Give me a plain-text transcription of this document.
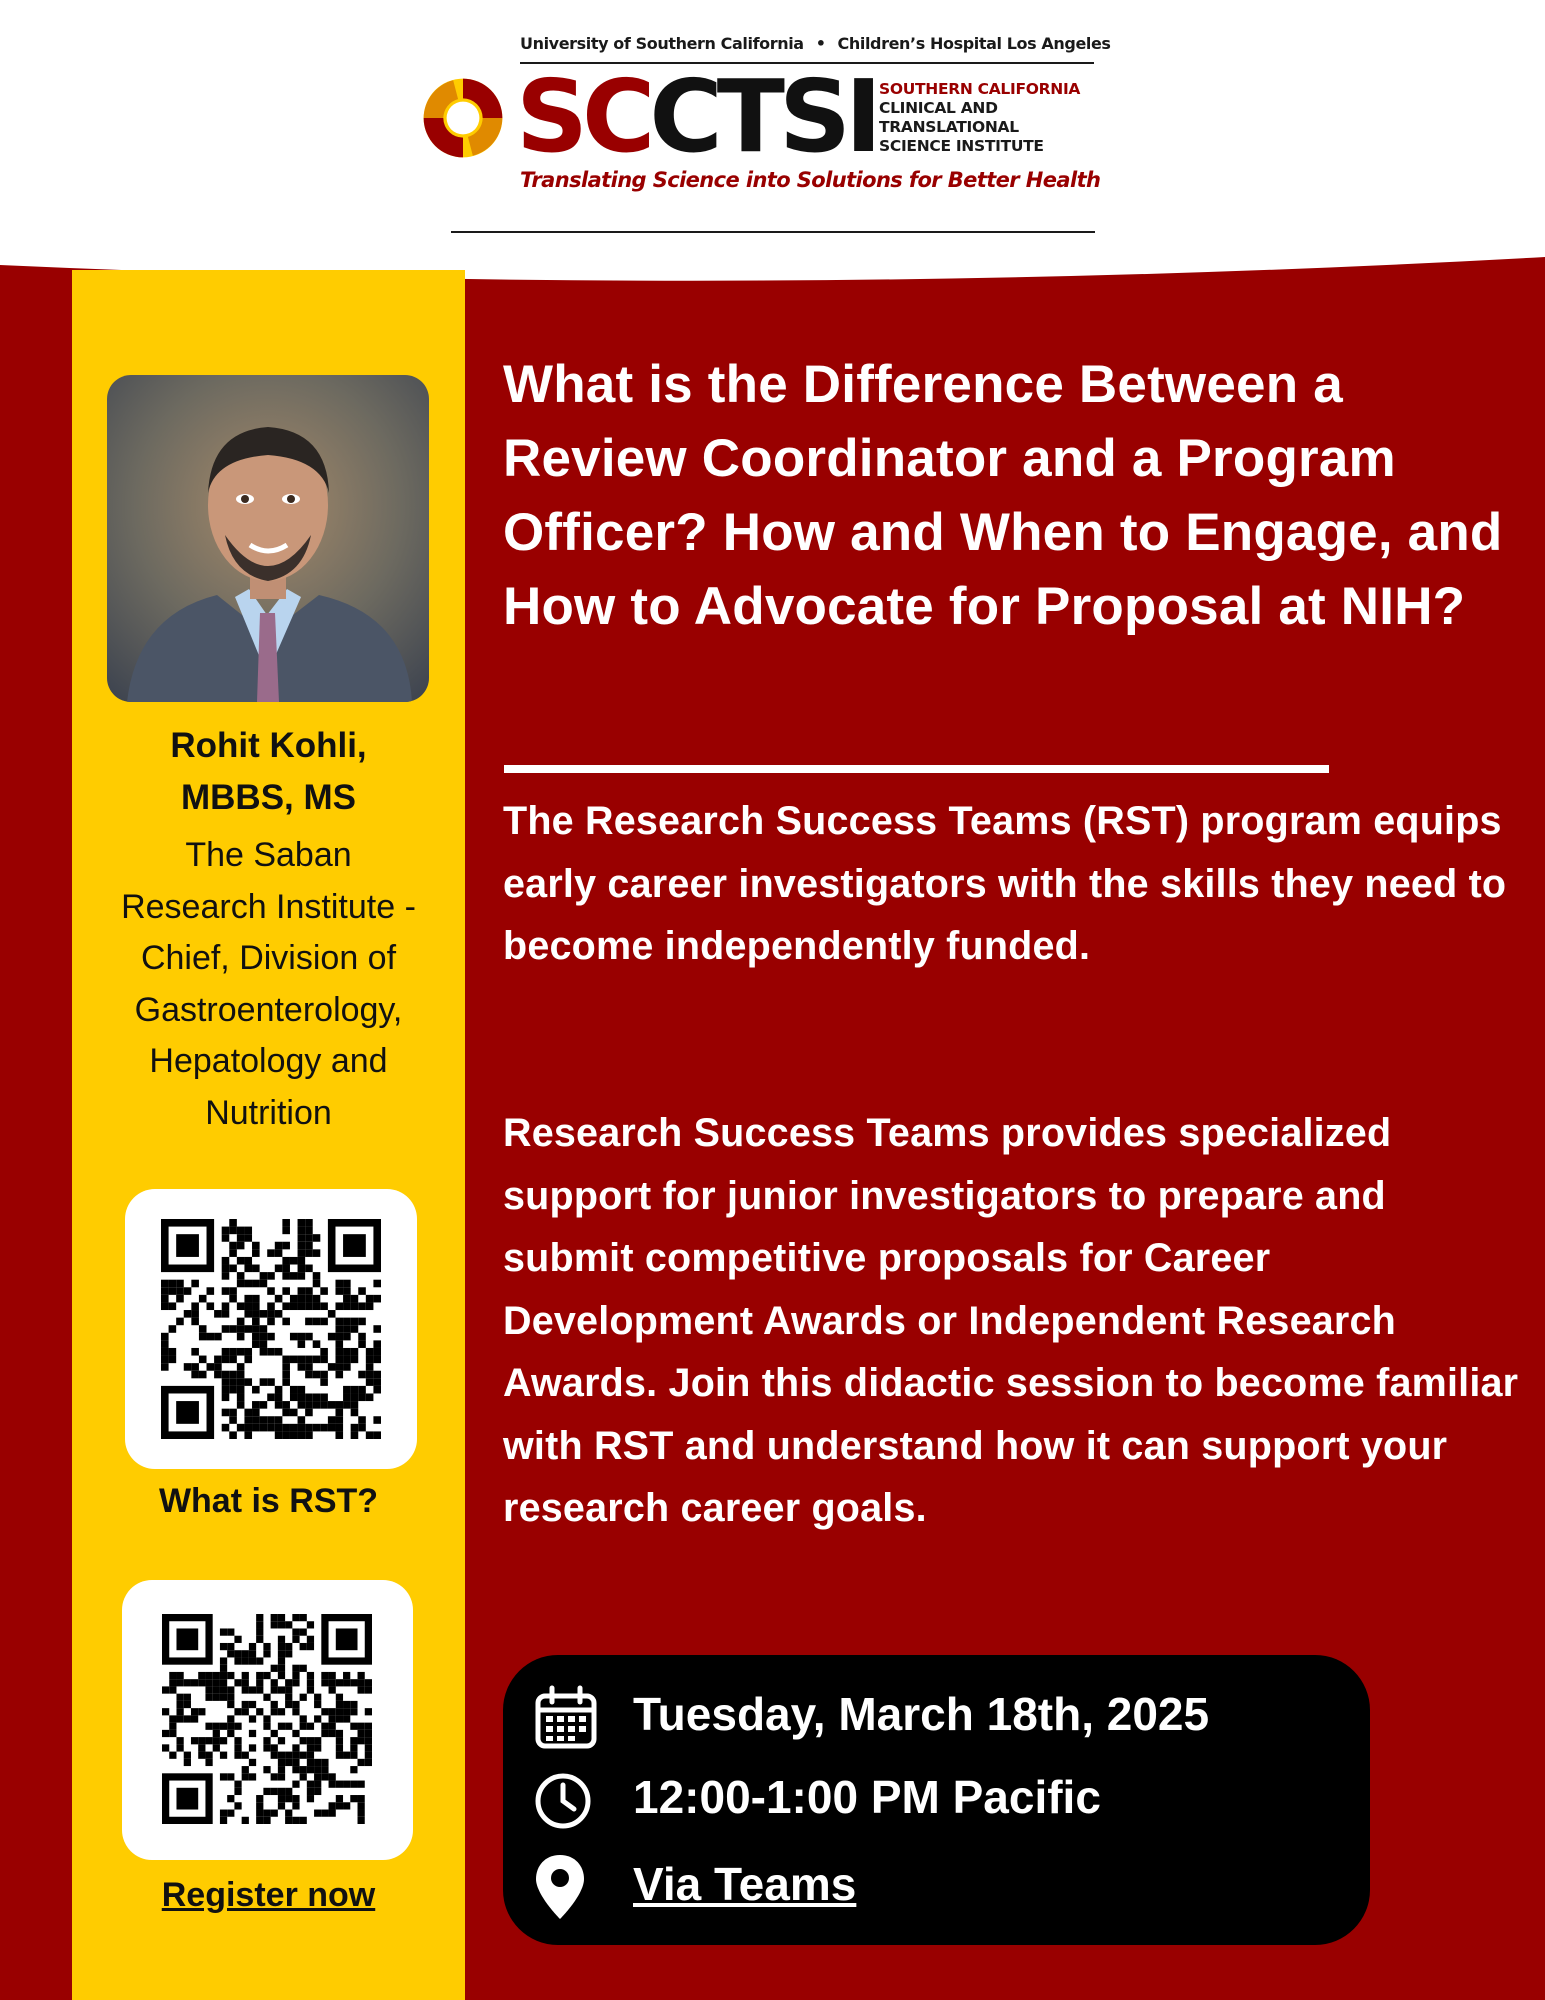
University of Southern California • Children’s Hospital Los Angeles
SCCTSI SOUTHERN CALIFORNIA
CLINICAL AND
TRANSLATIONAL
SCIENCE INSTITUTE
Translating Science into Solutions for Better Health
Rohit Kohli,
MBBS, MS
The Saban
Research Institute -
Chief, Division of
Gastroenterology,
Hepatology and
Nutrition
What is RST?
Register now
What is the Difference Between a Review Coordinator and a Program Officer? How and When to Engage, and How to Advocate for Proposal at NIH?
The Research Success Teams (RST) program equips early career investigators with the skills they need to become independently funded.
Research Success Teams provides specialized support for junior investigators to prepare and submit competitive proposals for Career Development Awards or Independent Research Awards. Join this didactic session to become familiar with RST and understand how it can support your research career goals.
Tuesday, March 18th, 2025
12:00-1:00 PM Pacific
Via Teams
